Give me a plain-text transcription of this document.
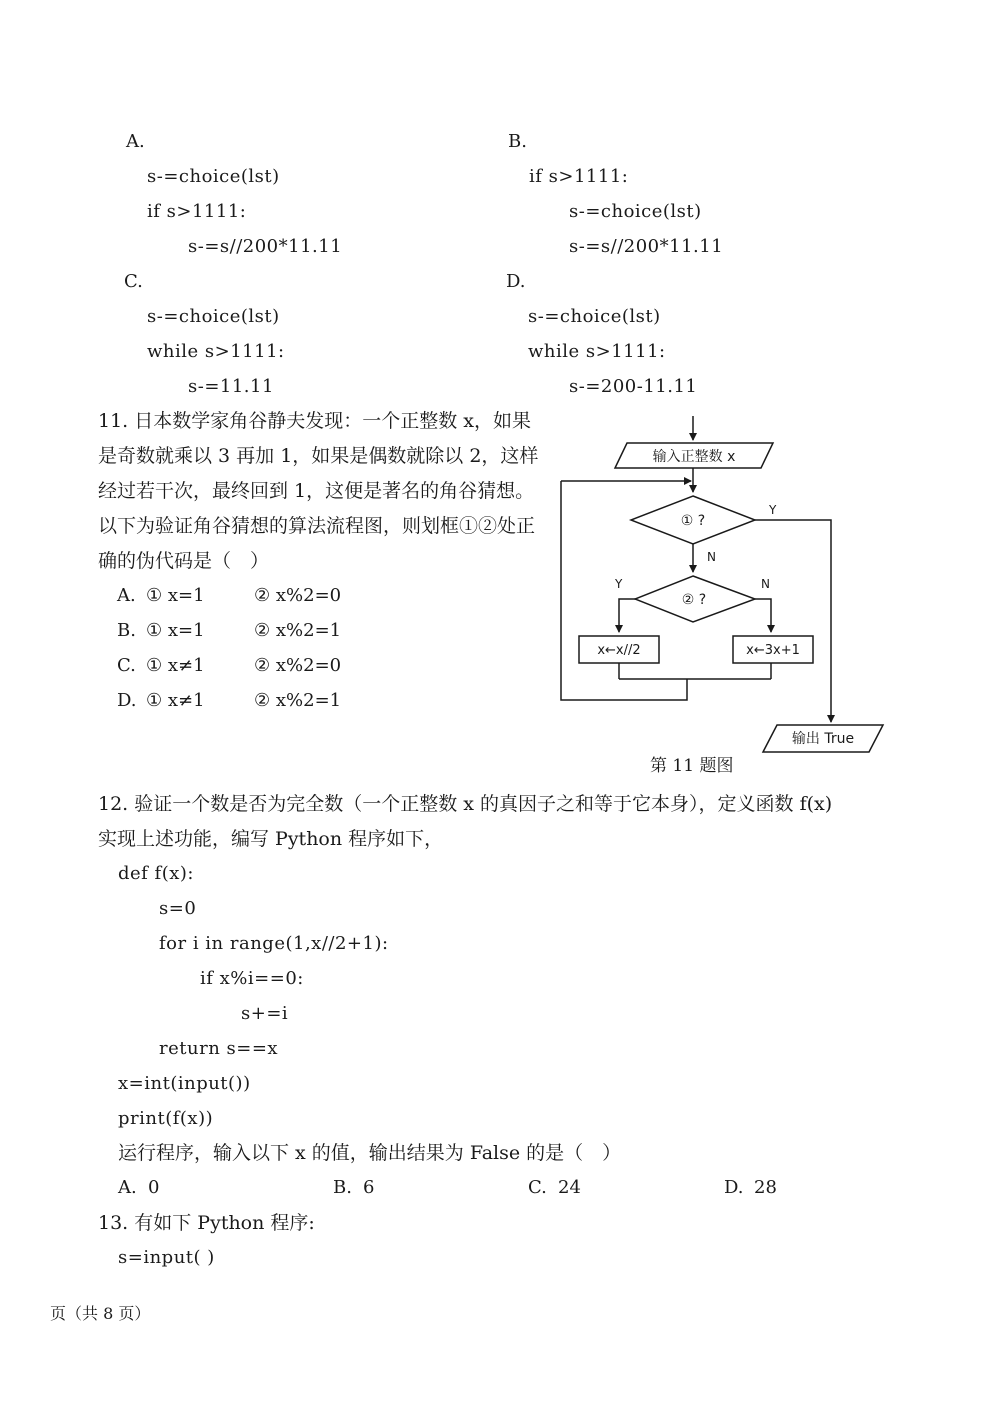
A.
s-=choice(lst)
if s>1111:
s-=s//200*11.11
B.
if s>1111:
s-=choice(lst)
s-=s//200*11.11
C.
s-=choice(lst)
while s>1111:
s-=11.11
D.
s-=choice(lst)
while s>1111:
s-=200-11.11
11. 日本数学家角谷静夫发现：一个正整数 x，如果是奇数就乘以 3 再加 1，如果是偶数就除以 2，这样经过若干次，最终回到 1，这便是著名的角谷猜想。以下为验证角谷猜想的算法流程图，则划框①②处正确的伪代码是（　）
A. ① x=1	② x%2=0
B. ① x=1	② x%2=1
C. ① x≠1	② x%2=0
D. ① x≠1	② x%2=1
输入正整数 x
① ?
Y
N
② ?
Y	N
x←x//2	x←3x+1
输出 True
第 11 题图
12. 验证一个数是否为完全数（一个正整数 x 的真因子之和等于它本身），定义函数 f(x)
实现上述功能，编写 Python 程序如下，
def f(x):
s=0
for i in range(1,x//2+1):
if x%i==0:
s+=i
return s==x
x=int(input())
print(f(x))
运行程序，输入以下 x 的值，输出结果为 False 的是（　）
A. 0	B. 6	C. 24	D. 28
13. 有如下 Python 程序:
s=input( )
页（共 8 页）
